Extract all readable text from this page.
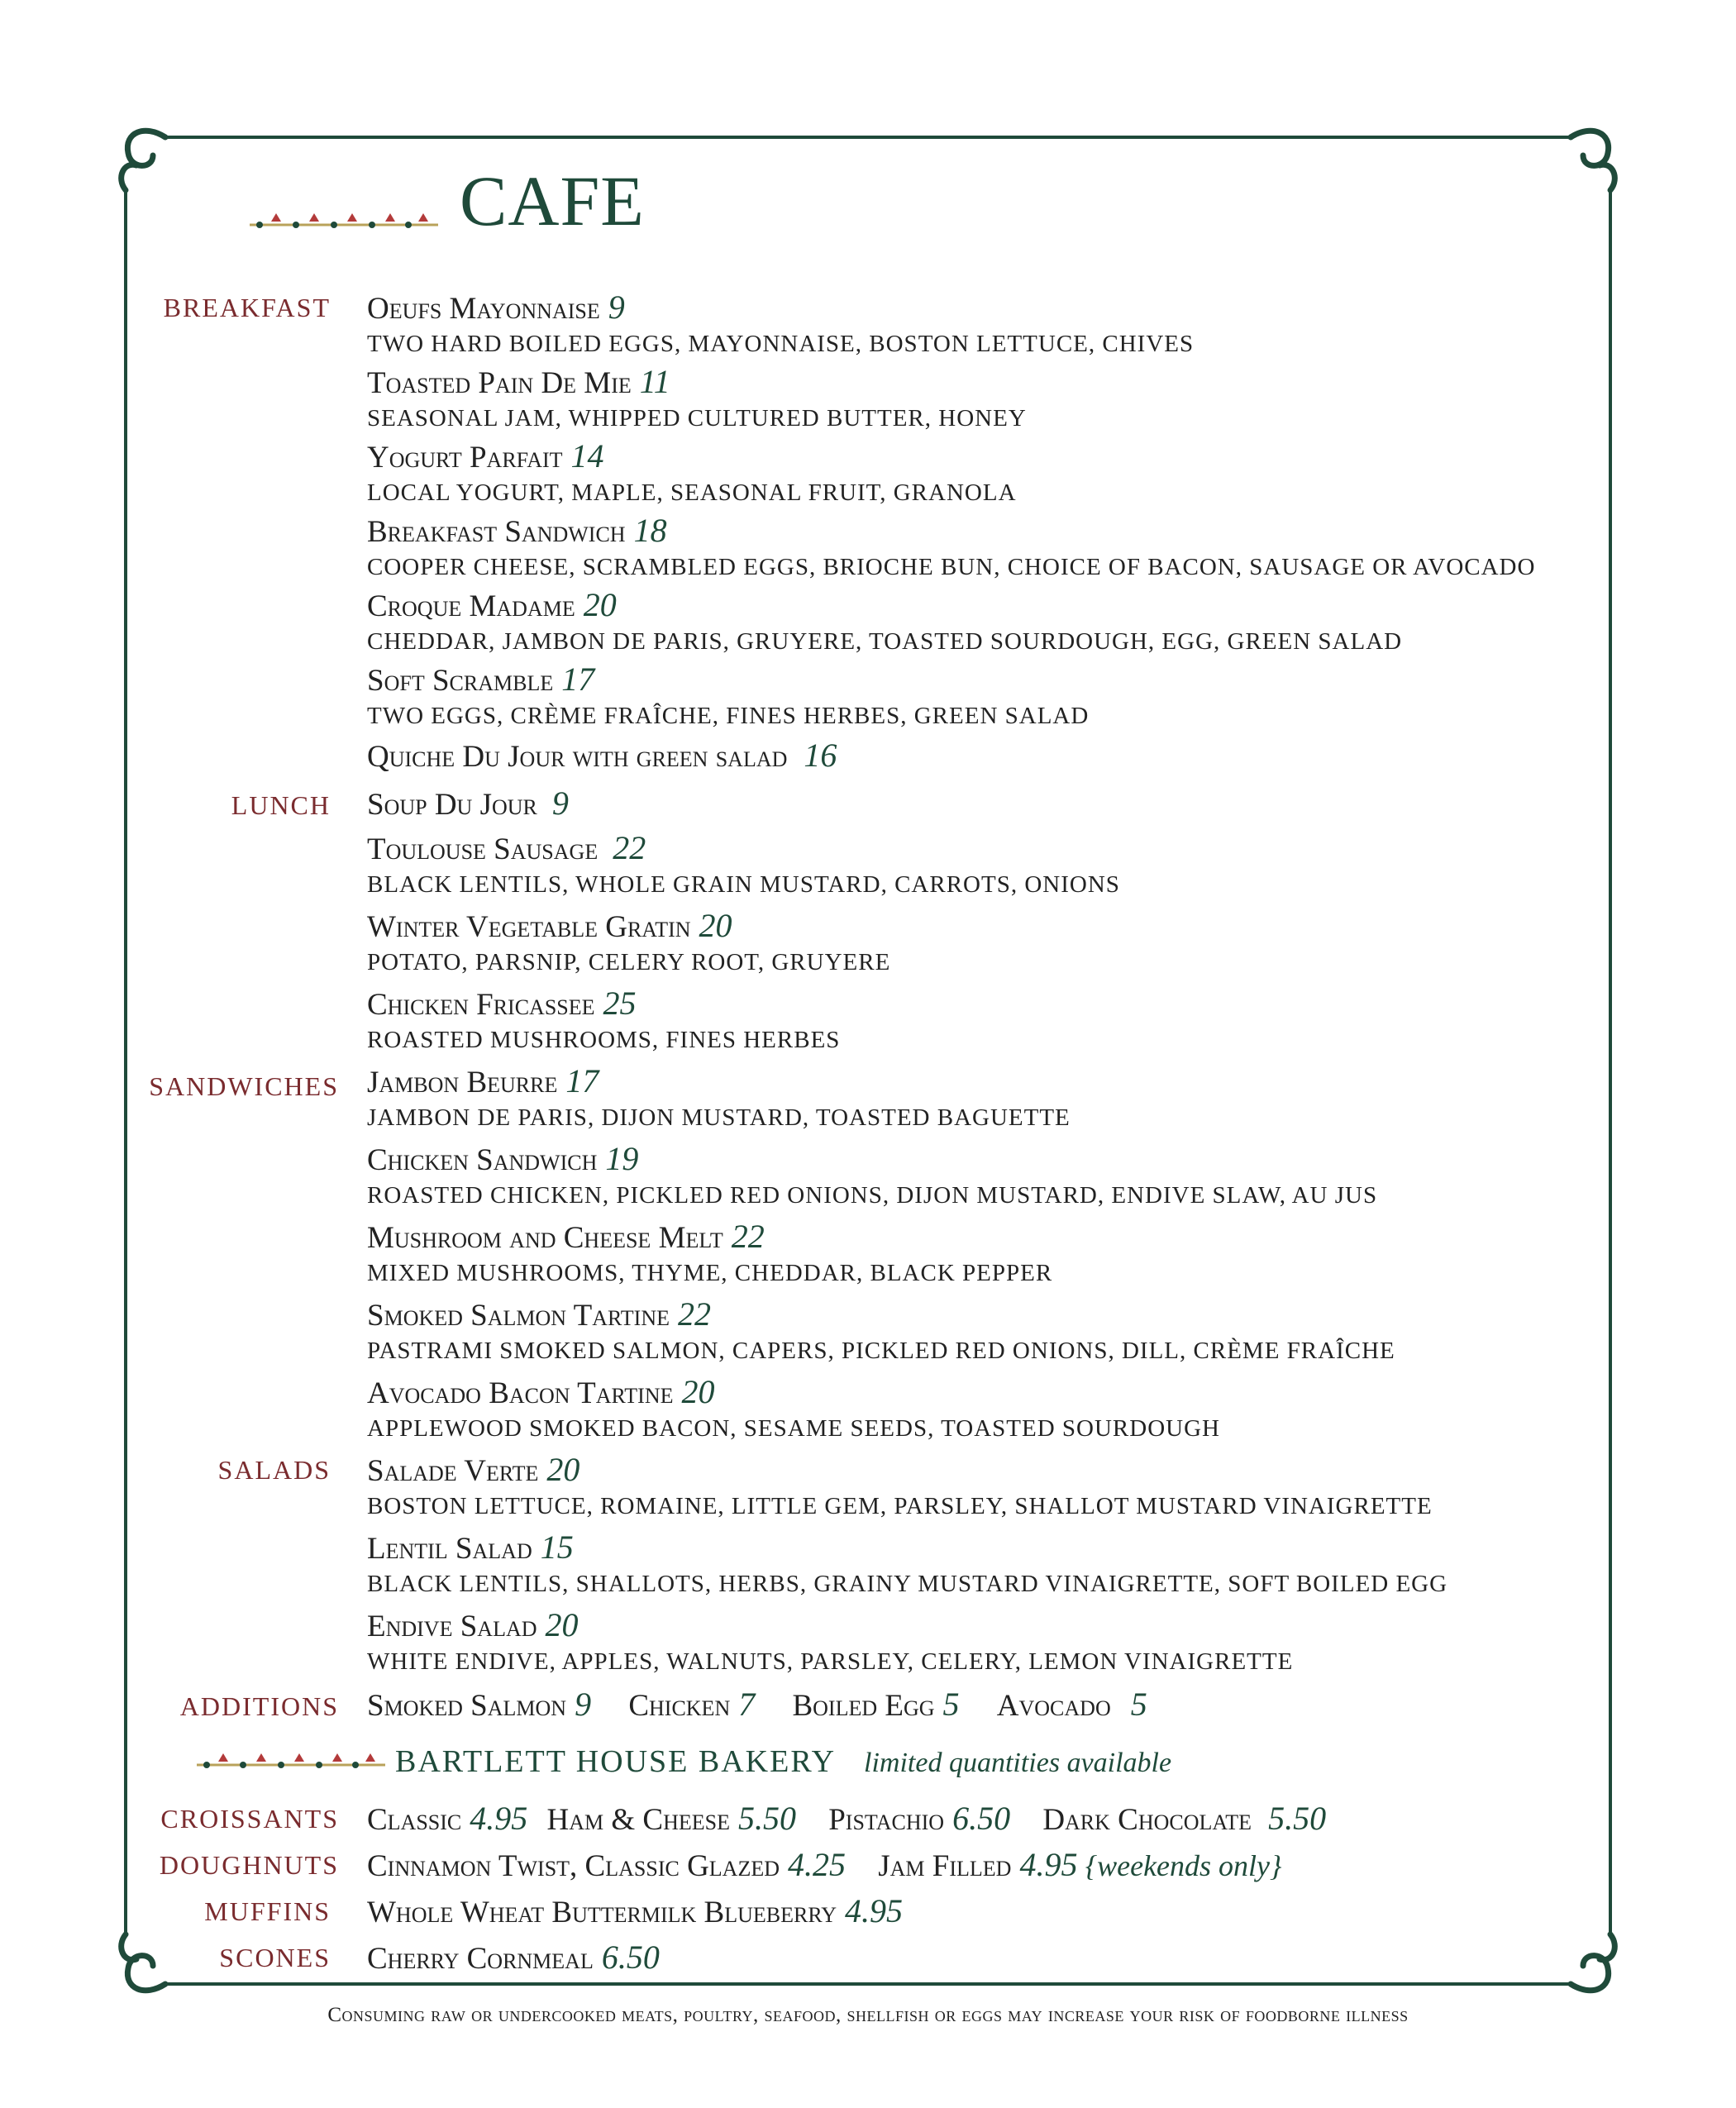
CAFE
BREAKFAST Oeufs Mayonnaise 9
TWO HARD BOILED EGGS, MAYONNAISE, BOSTON LETTUCE, CHIVES
Toasted Pain De Mie 11
SEASONAL JAM, WHIPPED CULTURED BUTTER, HONEY
Yogurt Parfait 14
LOCAL YOGURT, MAPLE, SEASONAL FRUIT, GRANOLA
Breakfast Sandwich 18
COOPER CHEESE, SCRAMBLED EGGS, BRIOCHE BUN, CHOICE OF BACON, SAUSAGE OR AVOCADO
Croque Madame 20
CHEDDAR, JAMBON DE PARIS, GRUYERE, TOASTED SOURDOUGH, EGG, GREEN SALAD
Soft Scramble 17
TWO EGGS, CRÈME FRAÎCHE, FINES HERBES, GREEN SALAD
Quiche Du Jour with green salad 16
LUNCH Soup Du Jour 9
Toulouse Sausage 22
BLACK LENTILS, WHOLE GRAIN MUSTARD, CARROTS, ONIONS
Winter Vegetable Gratin 20
POTATO, PARSNIP, CELERY ROOT, GRUYERE
Chicken Fricassee 25
ROASTED MUSHROOMS, FINES HERBES
SANDWICHES Jambon Beurre 17
JAMBON DE PARIS, DIJON MUSTARD, TOASTED BAGUETTE
Chicken Sandwich 19
ROASTED CHICKEN, PICKLED RED ONIONS, DIJON MUSTARD, ENDIVE SLAW, AU JUS
Mushroom and Cheese Melt 22
MIXED MUSHROOMS, THYME, CHEDDAR, BLACK PEPPER
Smoked Salmon Tartine 22
PASTRAMI SMOKED SALMON, CAPERS, PICKLED RED ONIONS, DILL, CRÈME FRAÎCHE
Avocado Bacon Tartine 20
APPLEWOOD SMOKED BACON, SESAME SEEDS, TOASTED SOURDOUGH
SALADS Salade Verte 20
BOSTON LETTUCE, ROMAINE, LITTLE GEM, PARSLEY, SHALLOT MUSTARD VINAIGRETTE
Lentil Salad 15
BLACK LENTILS, SHALLOTS, HERBS, GRAINY MUSTARD VINAIGRETTE, SOFT BOILED EGG
Endive Salad 20
WHITE ENDIVE, APPLES, WALNUTS, PARSLEY, CELERY, LEMON VINAIGRETTE
ADDITIONS Smoked Salmon 9 Chicken 7 Boiled Egg 5 Avocado 5
BARTLETT HOUSE BAKERY limited quantities available
CROISSANTS Classic 4.95 Ham & Cheese 5.50 Pistachio 6.50 Dark Chocolate 5.50
DOUGHNUTS Cinnamon Twist, Classic Glazed 4.25 Jam Filled 4.95 {weekends only}
MUFFINS Whole Wheat Buttermilk Blueberry 4.95
SCONES Cherry Cornmeal 6.50
Consuming raw or undercooked meats, poultry, seafood, shellfish or eggs may increase your risk of foodborne illness
